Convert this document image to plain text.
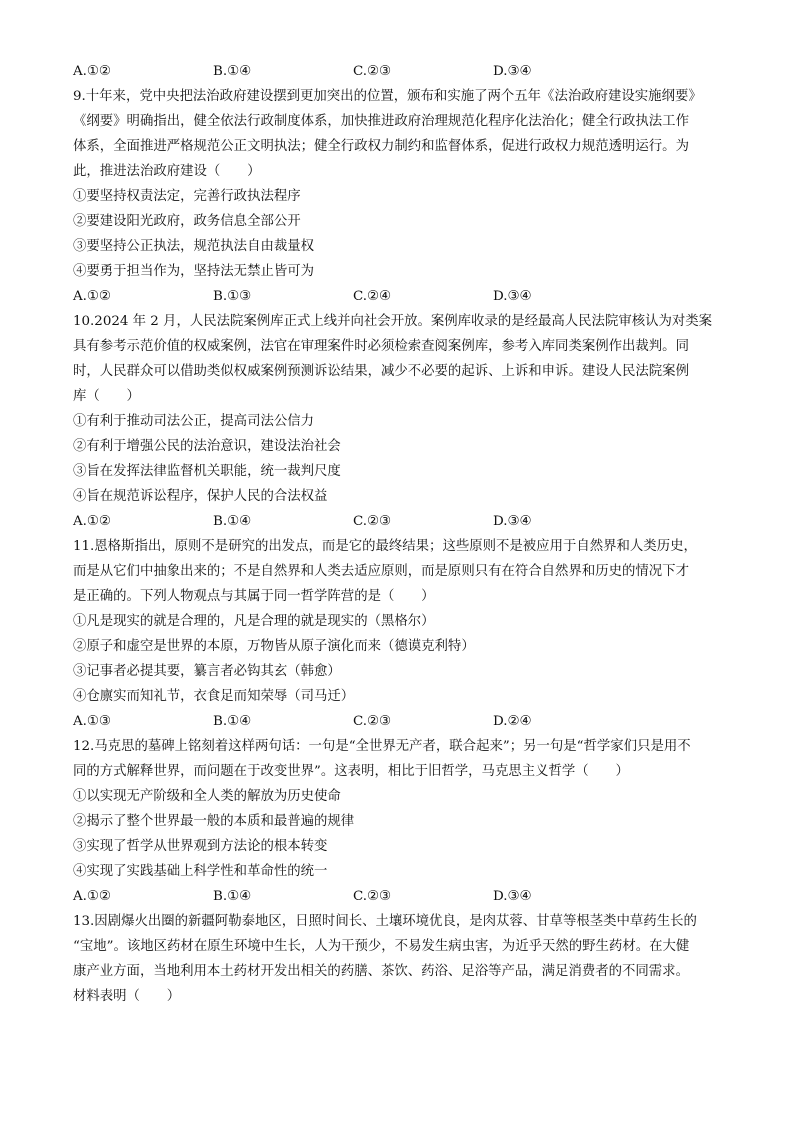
A.①②	B.①④	C.②③	D.③④
9.十年来，党中央把法治政府建设摆到更加突出的位置，颁布和实施了两个五年《法治政府建设实施纲要》
《纲要》明确指出，健全依法行政制度体系，加快推进政府治理规范化程序化法治化；健全行政执法工作
体系，全面推进严格规范公正文明执法；健全行政权力制约和监督体系，促进行政权力规范透明运行。为
此，推进法治政府建设（　　）
①要坚持权责法定，完善行政执法程序
②要建设阳光政府，政务信息全部公开
③要坚持公正执法，规范执法自由裁量权
④要勇于担当作为，坚持法无禁止皆可为
A.①②	B.①③	C.②④	D.③④
10.2024 年 2 月，人民法院案例库正式上线并向社会开放。案例库收录的是经最高人民法院审核认为对类案
具有参考示范价值的权威案例，法官在审理案件时必须检索查阅案例库，参考入库同类案例作出裁判。同
时，人民群众可以借助类似权威案例预测诉讼结果，减少不必要的起诉、上诉和申诉。建设人民法院案例
库（　　）
①有利于推动司法公正，提高司法公信力
②有利于增强公民的法治意识，建设法治社会
③旨在发挥法律监督机关职能，统一裁判尺度
④旨在规范诉讼程序，保护人民的合法权益
A.①②	B.①④	C.②③	D.③④
11.恩格斯指出，原则不是研究的出发点，而是它的最终结果；这些原则不是被应用于自然界和人类历史，
而是从它们中抽象出来的；不是自然界和人类去适应原则，而是原则只有在符合自然界和历史的情况下才
是正确的。下列人物观点与其属于同一哲学阵营的是（　　）
①凡是现实的就是合理的，凡是合理的就是现实的（黑格尔）
②原子和虚空是世界的本原，万物皆从原子演化而来（德谟克利特）
③记事者必提其要，纂言者必钩其玄（韩愈）
④仓廪实而知礼节，衣食足而知荣辱（司马迁）
A.①③	B.①④	C.②③	D.②④
12.马克思的墓碑上铭刻着这样两句话：一句是“全世界无产者，联合起来”；另一句是“哲学家们只是用不
同的方式解释世界，而问题在于改变世界”。这表明，相比于旧哲学，马克思主义哲学（　　）
①以实现无产阶级和全人类的解放为历史使命
②揭示了整个世界最一般的本质和最普遍的规律
③实现了哲学从世界观到方法论的根本转变
④实现了实践基础上科学性和革命性的统一
A.①②	B.①④	C.②③	D.③④
13.因剧爆火出圈的新疆阿勒泰地区，日照时间长、土壤环境优良，是肉苁蓉、甘草等根茎类中草药生长的
“宝地”。该地区药材在原生环境中生长，人为干预少，不易发生病虫害，为近乎天然的野生药材。在大健
康产业方面，当地利用本土药材开发出相关的药膳、茶饮、药浴、足浴等产品，满足消费者的不同需求。
材料表明（　　）
